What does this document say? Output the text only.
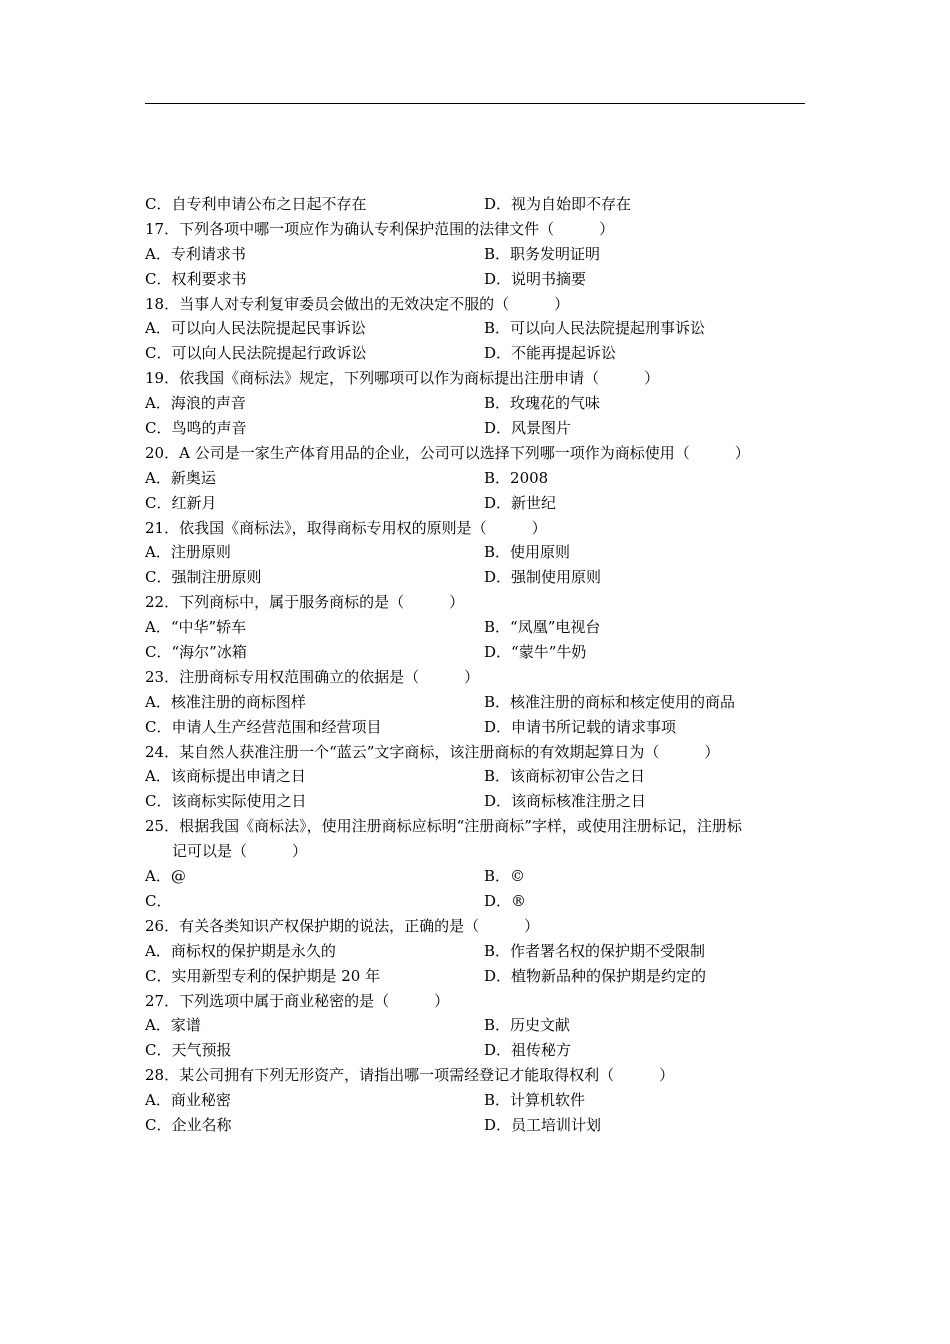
C．自专利申请公布之日起不存在	D．视为自始即不存在
17．下列各项中哪一项应作为确认专利保护范围的法律文件（　　　）
A．专利请求书	B．职务发明证明
C．权利要求书	D．说明书摘要
18．当事人对专利复审委员会做出的无效决定不服的（　　　）
A．可以向人民法院提起民事诉讼	B．可以向人民法院提起刑事诉讼
C．可以向人民法院提起行政诉讼	D．不能再提起诉讼
19．依我国《商标法》规定，下列哪项可以作为商标提出注册申请（　　　）
A．海浪的声音	B．玫瑰花的气味
C．鸟鸣的声音	D．风景图片
20．A 公司是一家生产体育用品的企业，公司可以选择下列哪一项作为商标使用（　　　）
A．新奥运	B．2008
C．红新月	D．新世纪
21．依我国《商标法》，取得商标专用权的原则是（　　　）
A．注册原则	B．使用原则
C．强制注册原则	D．强制使用原则
22．下列商标中，属于服务商标的是（　　　）
A．“中华”轿车	B．“凤凰”电视台
C．“海尔”冰箱	D．“蒙牛”牛奶
23．注册商标专用权范围确立的依据是（　　　）
A．核准注册的商标图样	B．核准注册的商标和核定使用的商品
C．申请人生产经营范围和经营项目	D．申请书所记载的请求事项
24．某自然人获准注册一个“蓝云”文字商标，该注册商标的有效期起算日为（　　　）
A．该商标提出申请之日	B．该商标初审公告之日
C．该商标实际使用之日	D．该商标核准注册之日
25．根据我国《商标法》，使用注册商标应标明“注册商标”字样，或使用注册标记，注册标
记可以是（　　　）
A．@	B．©
C．	D．®
26．有关各类知识产权保护期的说法，正确的是（　　　）
A．商标权的保护期是永久的	B．作者署名权的保护期不受限制
C．实用新型专利的保护期是 20 年	D．植物新品种的保护期是约定的
27．下列选项中属于商业秘密的是（　　　）
A．家谱	B．历史文献
C．天气预报	D．祖传秘方
28．某公司拥有下列无形资产，请指出哪一项需经登记才能取得权利（　　　）
A．商业秘密	B．计算机软件
C．企业名称	D．员工培训计划
